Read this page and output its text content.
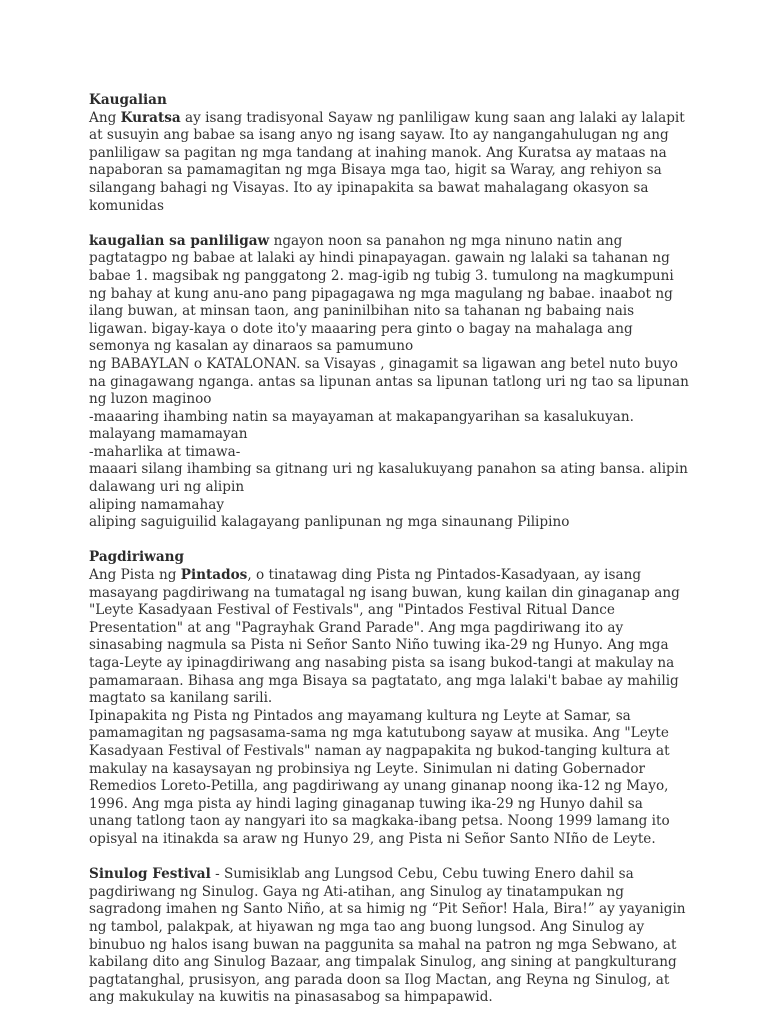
Kaugalian
Ang Kuratsa ay isang tradisyonal Sayaw ng panliligaw kung saan ang lalaki ay lalapit at susuyin ang babae sa isang anyo ng isang sayaw. Ito ay nangangahulugan ng ang panliligaw sa pagitan ng mga tandang at inahing manok. Ang Kuratsa ay mataas na napaboran sa pamamagitan ng mga Bisaya mga tao, higit sa Waray, ang rehiyon sa silangang bahagi ng Visayas. Ito ay ipinapakita sa bawat mahalagang okasyon sa komunidas
kaugalian sa panliligaw ngayon noon sa panahon ng mga ninuno natin ang pagtatagpo ng babae at lalaki ay hindi pinapayagan. gawain ng lalaki sa tahanan ng babae 1. magsibak ng panggatong 2. mag-igib ng tubig 3. tumulong na magkumpuni ng bahay at kung anu-ano pang pipagagawa ng mga magulang ng babae. inaabot ng ilang buwan, at minsan taon, ang paninilbihan nito sa tahanan ng babaing nais ligawan. bigay-kaya o dote ito'y maaaring pera ginto o bagay na mahalaga ang semonya ng kasalan ay dinaraos sa pamumuno
ng BABAYLAN o KATALONAN. sa Visayas , ginagamit sa ligawan ang betel nuto buyo na ginagawang nganga. antas sa lipunan antas sa lipunan tatlong uri ng tao sa lipunan ng luzon maginoo
-maaaring ihambing natin sa mayayaman at makapangyarihan sa kasalukuyan. malayang mamamayan
-maharlika at timawa-
maaari silang ihambing sa gitnang uri ng kasalukuyang panahon sa ating bansa. alipin dalawang uri ng alipin
aliping namamahay
aliping saguiguilid kalagayang panlipunan ng mga sinaunang Pilipino
Pagdiriwang
Ang Pista ng Pintados, o tinatawag ding Pista ng Pintados-Kasadyaan, ay isang masayang pagdiriwang na tumatagal ng isang buwan, kung kailan din ginaganap ang "Leyte Kasadyaan Festival of Festivals", ang "Pintados Festival Ritual Dance Presentation" at ang "Pagrayhak Grand Parade". Ang mga pagdiriwang ito ay sinasabing nagmula sa Pista ni Señor Santo Niño tuwing ika-29 ng Hunyo. Ang mga taga-Leyte ay ipinagdiriwang ang nasabing pista sa isang bukod-tangi at makulay na pamamaraan. Bihasa ang mga Bisaya sa pagtatato, ang mga lalaki't babae ay mahilig magtato sa kanilang sarili.
Ipinapakita ng Pista ng Pintados ang mayamang kultura ng Leyte at Samar, sa pamamagitan ng pagsasama-sama ng mga katutubong sayaw at musika. Ang "Leyte Kasadyaan Festival of Festivals" naman ay nagpapakita ng bukod-tanging kultura at makulay na kasaysayan ng probinsiya ng Leyte. Sinimulan ni dating Gobernador Remedios Loreto-Petilla, ang pagdiriwang ay unang ginanap noong ika-12 ng Mayo, 1996. Ang mga pista ay hindi laging ginaganap tuwing ika-29 ng Hunyo dahil sa unang tatlong taon ay nangyari ito sa magkaka-ibang petsa. Noong 1999 lamang ito opisyal na itinakda sa araw ng Hunyo 29, ang Pista ni Señor Santo NIño de Leyte.
Sinulog Festival - Sumisiklab ang Lungsod Cebu, Cebu tuwing Enero dahil sa pagdiriwang ng Sinulog. Gaya ng Ati-atihan, ang Sinulog ay tinatampukan ng sagradong imahen ng Santo Niño, at sa himig ng “Pit Señor! Hala, Bira!” ay yayanigin ng tambol, palakpak, at hiyawan ng mga tao ang buong lungsod. Ang Sinulog ay binubuo ng halos isang buwan na paggunita sa mahal na patron ng mga Sebwano, at kabilang dito ang Sinulog Bazaar, ang timpalak Sinulog, ang sining at pangkulturang pagtatanghal, prusisyon, ang parada doon sa Ilog Mactan, ang Reyna ng Sinulog, at ang makukulay na kuwitis na pinasasabog sa himpapawid.
